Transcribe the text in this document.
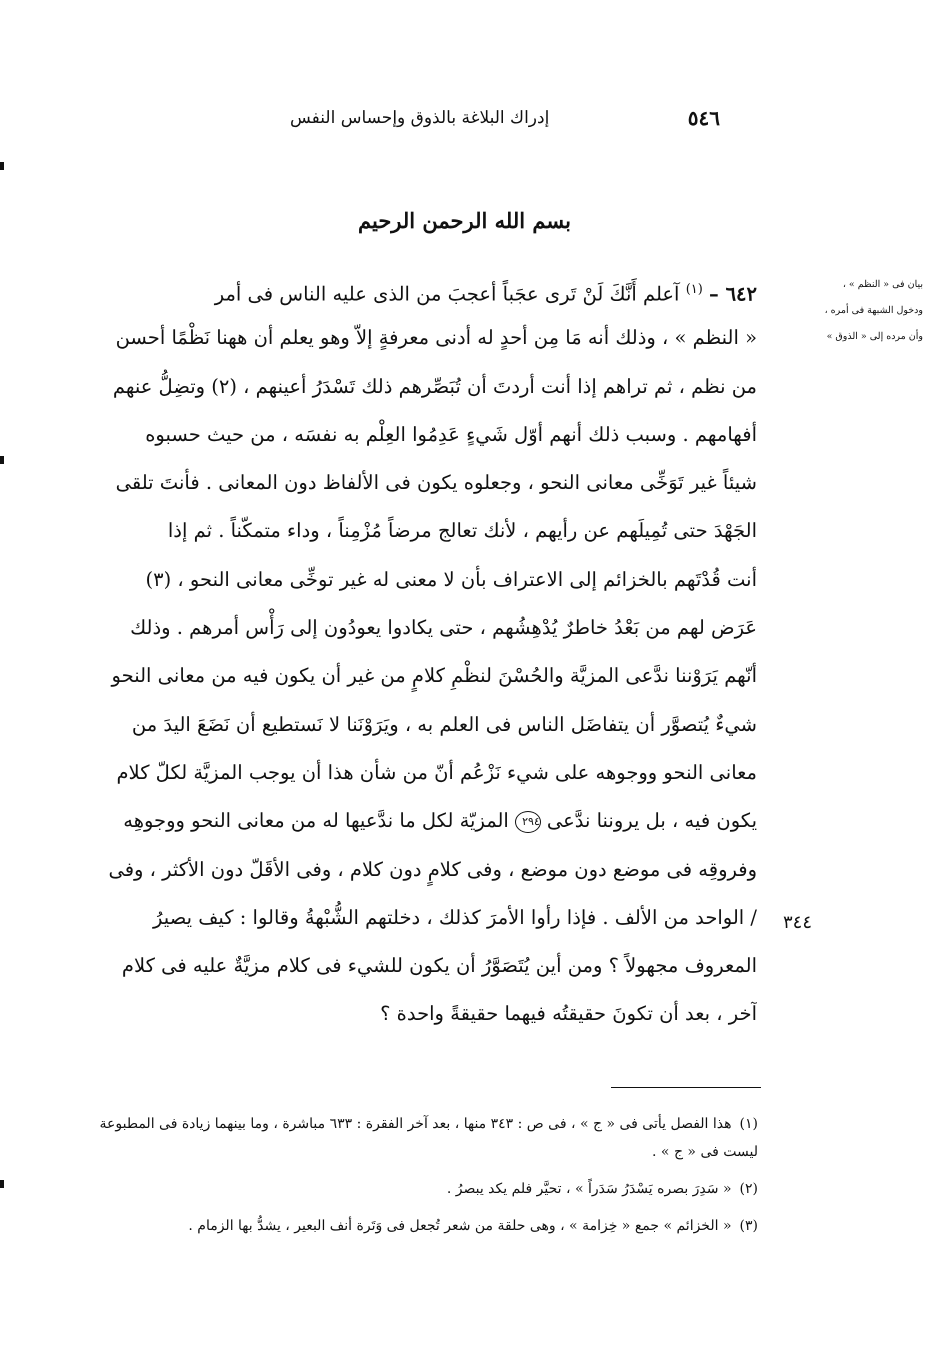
٥٤٦
إدراك البلاغة بالذوق وإحساس النفس
بسم الله الرحمن الرحيم
بيان فى « النظم » ،
ودخول الشبهة فى أمره ،
وأن مرده إلى « الذوق »
٣٤٤
٦٤٢ – $^{(١)}$ آعلم أَنَّكَ لَنْ تَرى عجَباً أعجبَ من الذى عليه الناس فى أمر
« النظم » ، وذلك أنه مَا مِن أحدٍ له أدنى معرفةٍ إلاّ وهو يعلم أن ههنا نَظْمًا أحسن
من نظم ، ثم تراهم إذا أنت أردتَ أن تُبَصِّرهم ذلك تَسْدَرُ أعينهم ، (٢) وتضِلُّ عنهم
أفهامهم . وسبب ذلك أنهم أوّل شَيءٍ عَدِمُوا العِلْم به نفسَه ، من حيث حسبوه
شيئاً غير تَوَخِّى معانى النحو ، وجعلوه يكون فى الألفاظ دون المعانى . فأنتَ تلقى
الجَهْدَ حتى تُمِيلَهم عن رأيهم ، لأنك تعالج مرضاً مُزْمِناً ، وداء متمكّناً . ثم إذا
أنت قُدْتَهم بالخزائم إلى الاعتراف بأن لا معنى له غير توخِّى معانى النحو ، (٣)
عَرَض لهم من بَعْدُ خاطرٌ يُدْهِشُهم ، حتى يكادوا يعودُون إلى رَأْس أمرهم . وذلك
أنّهم يَرَوْننا ندَّعى المزيَّة والحُسْنَ لنظْمِ كلامٍ من غير أن يكون فيه من معانى النحو
شيءٌ يُتصوَّر أن يتفاضَل الناس فى العلم به ، ويَرَوْنَنا لا نَستطيع أن نَضَعَ اليدَ من
معانى النحو ووجوهه على شيء نَزْعُم أنّ من شأن هذا أن يوجب المزيَّة لكلّ كلام
يكون فيه ، بل يروننا ندَّعى٢٩٤المزيّة لكل ما ندَّعيها له من معانى النحو ووجوهِه
وفروقِه فى موضع دون موضع ، وفى كلامٍ دون كلام ، وفى الأقَلّ دون الأكثر ، وفى
/ الواحد من الألف . فإذا رأوا الأمرَ كذلك ، دخلتهم الشُّبْهةُ وقالوا : كيف يصيرُ
المعروف مجهولاً ؟ ومن أين يُتَصَوَّرُ أن يكون للشيء فى كلام مزيَّةٌ عليه فى كلام
آخر ، بعد أن تكونَ حقيقتُه فيهما حقيقةً واحدة ؟
(١)هذا الفصل يأتى فى « ج » ، فى ص : ٣٤٣ منها ، بعد آخر الفقرة : ٦٣٣ مباشرة ، وما بينهما زيادة فى المطبوعة ليست فى « ج » .
(٢)« سَدِرَ بصره يَسْدَرُ سَدَراً » ، تحيَّر فلم يكد يبصرُ .
(٣)« الخزائم » جمع « خِزامة » ، وهى حلقة من شعر تُجعل فى وَتَرة أنف البعير ، يشدُّ بها الزمام .
